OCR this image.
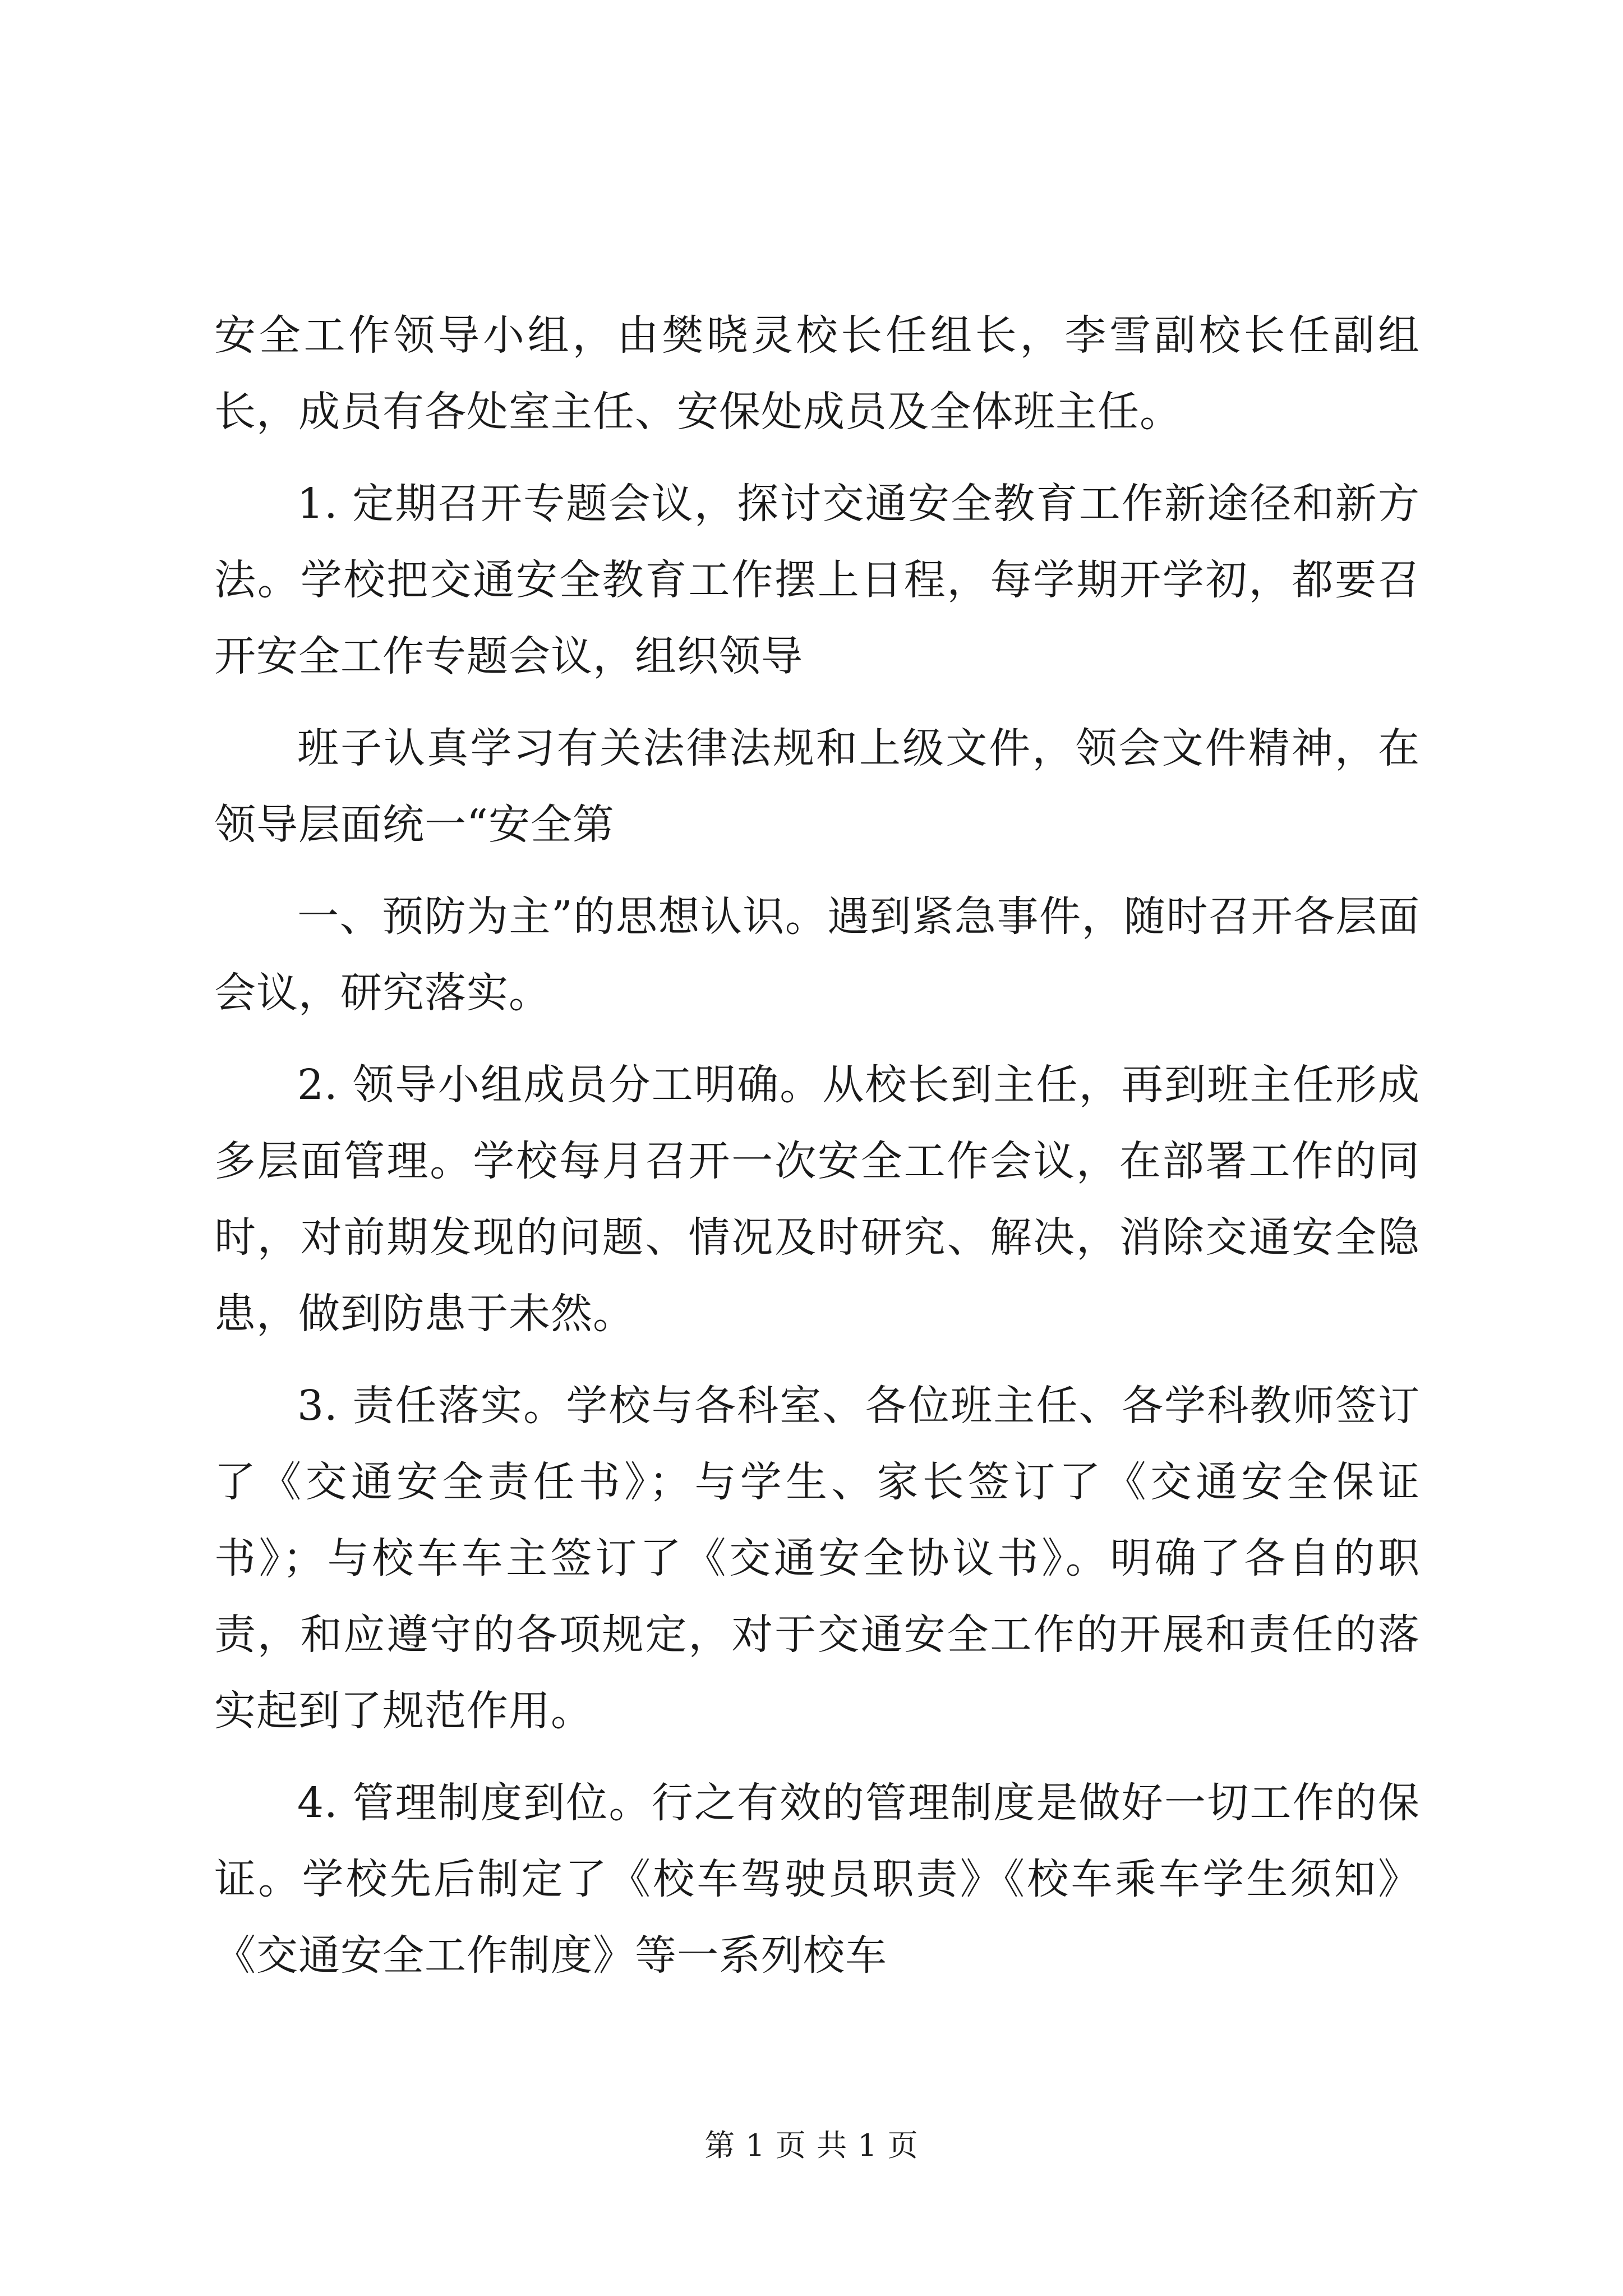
安全工作领导小组，由樊晓灵校长任组长，李雪副校长任副组长，成员有各处室主任、安保处成员及全体班主任。

1. 定期召开专题会议，探讨交通安全教育工作新途径和新方法。学校把交通安全教育工作摆上日程，每学期开学初，都要召开安全工作专题会议，组织领导

班子认真学习有关法律法规和上级文件，领会文件精神，在领导层面统一“安全第

一、预防为主”的思想认识。遇到紧急事件，随时召开各层面会议，研究落实。

2. 领导小组成员分工明确。从校长到主任，再到班主任形成多层面管理。学校每月召开一次安全工作会议，在部署工作的同时，对前期发现的问题、情况及时研究、解决，消除交通安全隐患，做到防患于未然。

3. 责任落实。学校与各科室、各位班主任、各学科教师签订了《交通安全责任书》；与学生、家长签订了《交通安全保证书》；与校车车主签订了《交通安全协议书》。明确了各自的职责，和应遵守的各项规定，对于交通安全工作的开展和责任的落实起到了规范作用。

4. 管理制度到位。行之有效的管理制度是做好一切工作的保证。学校先后制定了《校车驾驶员职责》《校车乘车学生须知》《交通安全工作制度》等一系列校车

第 1 页 共 1 页
